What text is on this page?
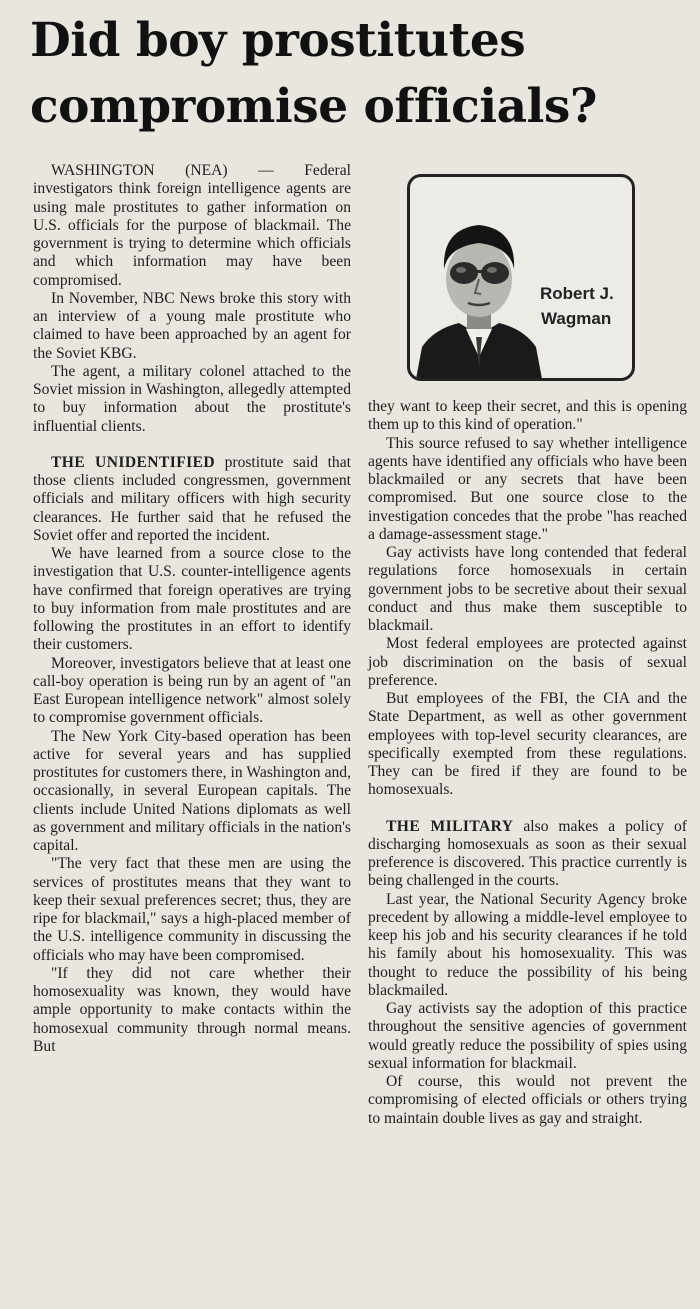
Did boy prostitutes
compromise officials?

WASHINGTON (NEA) — Federal investigators think foreign intelligence agents are using male prostitutes to gather information on U.S. officials for the purpose of blackmail. The government is trying to determine which officials and which information may have been compromised.

In November, NBC News broke this story with an interview of a young male prostitute who claimed to have been approached by an agent for the Soviet KBG.

The agent, a military colonel attached to the Soviet mission in Washington, allegedly attempted to buy information about the prostitute's influential clients.

THE UNIDENTIFIED prostitute said that those clients included congressmen, government officials and military officers with high security clearances. He further said that he refused the Soviet offer and reported the incident.

We have learned from a source close to the investigation that U.S. counter-intelligence agents have confirmed that foreign operatives are trying to buy information from male prostitutes and are following the prostitutes in an effort to identify their customers.

Moreover, investigators believe that at least one call-boy operation is being run by an agent of "an East European intelligence network" almost solely to compromise government officials.

The New York City-based operation has been active for several years and has supplied prostitutes for customers there, in Washington and, occasionally, in several European capitals. The clients include United Nations diplomats as well as government and military officials in the nation's capital.

"The very fact that these men are using the services of prostitutes means that they want to keep their sexual preferences secret; thus, they are ripe for blackmail," says a high-placed member of the U.S. intelligence community in discussing the officials who may have been compromised.

"If they did not care whether their homosexuality was known, they would have ample opportunity to make contacts within the homosexual community through normal means. But

Robert J.
Wagman

they want to keep their secret, and this is opening them up to this kind of operation."

This source refused to say whether intelligence agents have identified any officials who have been blackmailed or any secrets that have been compromised. But one source close to the investigation concedes that the probe "has reached a damage-assessment stage."

Gay activists have long contended that federal regulations force homosexuals in certain government jobs to be secretive about their sexual conduct and thus make them susceptible to blackmail.

Most federal employees are protected against job discrimination on the basis of sexual preference.

But employees of the FBI, the CIA and the State Department, as well as other government employees with top-level security clearances, are specifically exempted from these regulations. They can be fired if they are found to be homosexuals.

THE MILITARY also makes a policy of discharging homosexuals as soon as their sexual preference is discovered. This practice currently is being challenged in the courts.

Last year, the National Security Agency broke precedent by allowing a middle-level employee to keep his job and his security clearances if he told his family about his homosexuality. This was thought to reduce the possibility of his being blackmailed.

Gay activists say the adoption of this practice throughout the sensitive agencies of government would greatly reduce the possibility of spies using sexual information for blackmail.

Of course, this would not prevent the compromising of elected officials or others trying to maintain double lives as gay and straight.
